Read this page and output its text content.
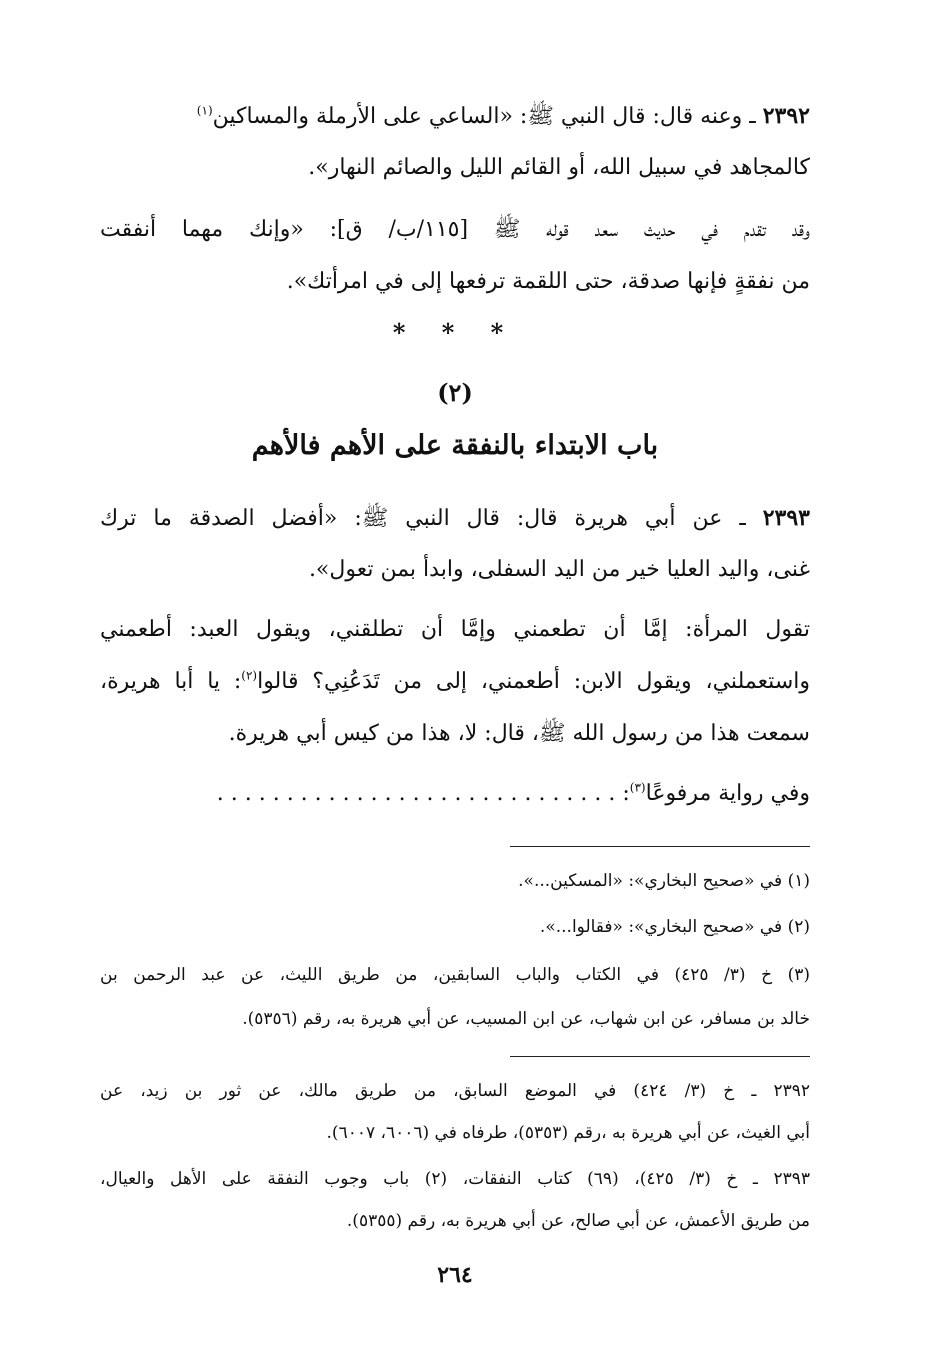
٢٣٩٢ ـ وعنه قال: قال النبي ﷺ: «الساعي على الأرملة والمساكين$^{(١)}$
كالمجاهد في سبيل الله، أو القائم الليل والصائم النهار».
وقد تقدم في حديث سعد قوله ﷺ [١١٥/ب/ ق]: «وإنك مهما أنفقت
من نفقةٍ فإنها صدقة، حتى اللقمة ترفعها إلى في امرأتك».
* * *
(٢)
باب الابتداء بالنفقة على الأهم فالأهم
٢٣٩٣ ـ عن أبي هريرة قال: قال النبي ﷺ: «أفضل الصدقة ما ترك
غنى، واليد العليا خير من اليد السفلى، وابدأ بمن تعول».
تقول المرأة: إمَّا أن تطعمني وإمَّا أن تطلقني، ويقول العبد: أطعمني
واستعملني، ويقول الابن: أطعمني، إلى من تَدَعُنِي؟ قالوا$^{(٢)}$: يا أبا هريرة،
سمعت هذا من رسول الله ﷺ، قال: لا، هذا من كيس أبي هريرة.
وفي رواية مرفوعًا$^{(٣)}$: . . . . . . . . . . . . . . . . . . . . . . . . . . . . .
(١) في «صحيح البخاري»: «المسكين...».
(٢) في «صحيح البخاري»: «فقالوا...».
(٣) خ (٣/ ٤٢٥) في الكتاب والباب السابقين، من طريق الليث، عن عبد الرحمن بن
خالد بن مسافر، عن ابن شهاب، عن ابن المسيب، عن أبي هريرة به، رقم (٥٣٥٦).
٢٣٩٢ ـ خ (٣/ ٤٢٤) في الموضع السابق، من طريق مالك، عن ثور بن زيد، عن
أبي الغيث، عن أبي هريرة به ،رقم (٥٣٥٣)، طرفاه في (٦٠٠٦، ٦٠٠٧).
٢٣٩٣ ـ خ (٣/ ٤٢٥)، (٦٩) كتاب النفقات، (٢) باب وجوب النفقة على الأهل والعيال،
من طريق الأعمش، عن أبي صالح، عن أبي هريرة به، رقم (٥٣٥٥).
٢٦٤
